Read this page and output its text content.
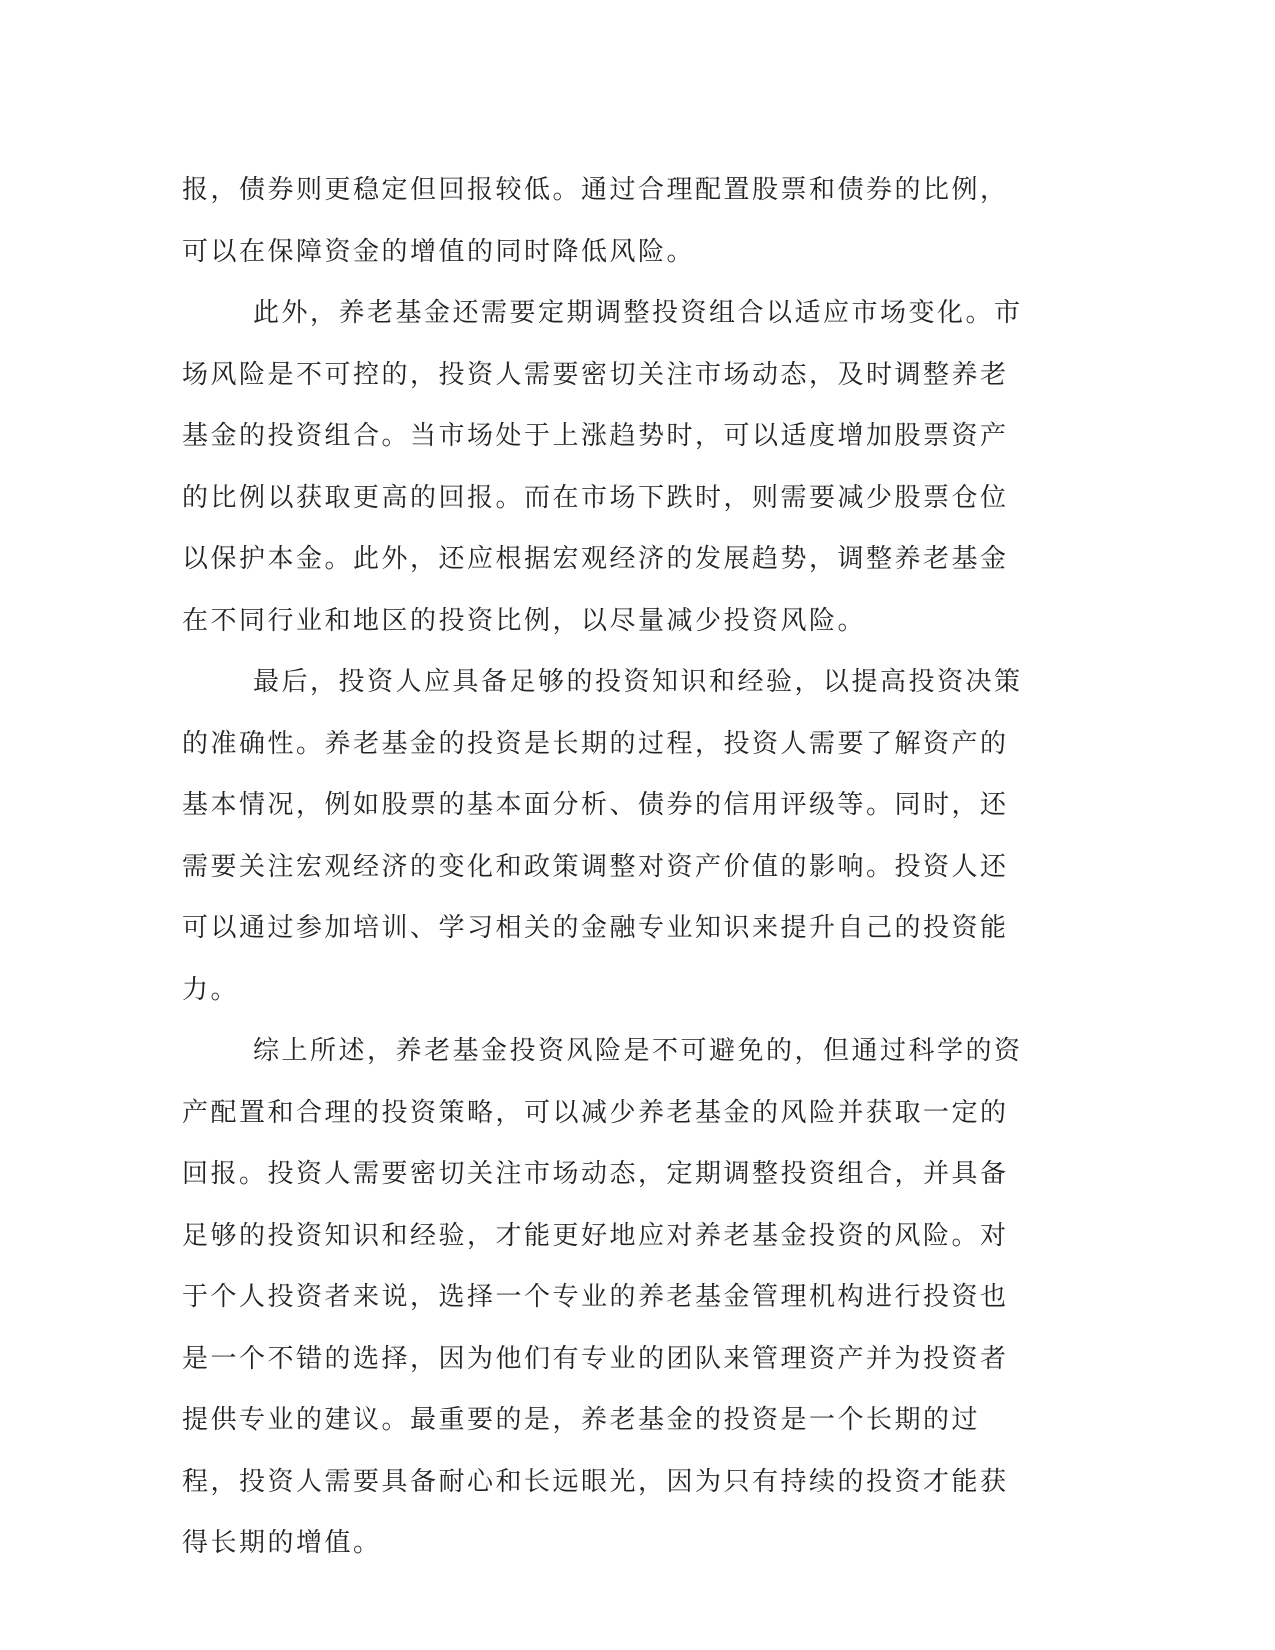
报，债券则更稳定但回报较低。通过合理配置股票和债券的比例，可以在保障资金的增值的同时降低风险。

此外，养老基金还需要定期调整投资组合以适应市场变化。市场风险是不可控的，投资人需要密切关注市场动态，及时调整养老基金的投资组合。当市场处于上涨趋势时，可以适度增加股票资产的比例以获取更高的回报。而在市场下跌时，则需要减少股票仓位以保护本金。此外，还应根据宏观经济的发展趋势，调整养老基金在不同行业和地区的投资比例，以尽量减少投资风险。

最后，投资人应具备足够的投资知识和经验，以提高投资决策的准确性。养老基金的投资是长期的过程，投资人需要了解资产的基本情况，例如股票的基本面分析、债券的信用评级等。同时，还需要关注宏观经济的变化和政策调整对资产价值的影响。投资人还可以通过参加培训、学习相关的金融专业知识来提升自己的投资能力。

综上所述，养老基金投资风险是不可避免的，但通过科学的资产配置和合理的投资策略，可以减少养老基金的风险并获取一定的回报。投资人需要密切关注市场动态，定期调整投资组合，并具备足够的投资知识和经验，才能更好地应对养老基金投资的风险。对于个人投资者来说，选择一个专业的养老基金管理机构进行投资也是一个不错的选择，因为他们有专业的团队来管理资产并为投资者提供专业的建议。最重要的是，养老基金的投资是一个长期的过程，投资人需要具备耐心和长远眼光，因为只有持续的投资才能获得长期的增值。
